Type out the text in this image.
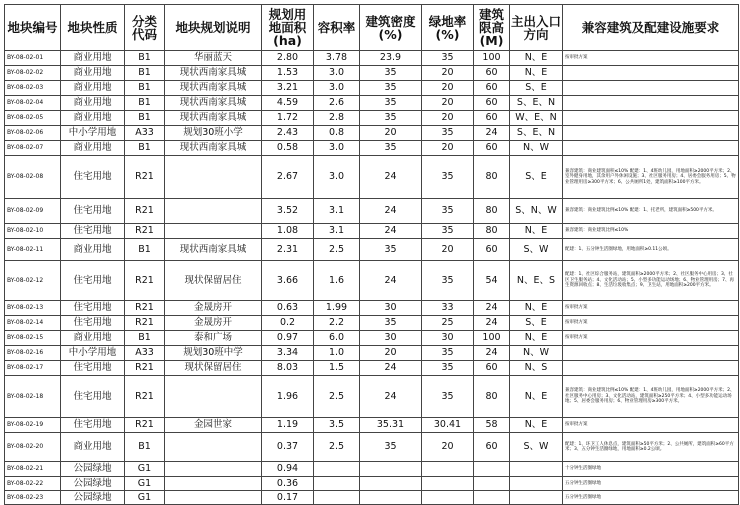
地块编号	地块性质	分类代码	地块规划说明	规划用地面积(ha)	容积率	建筑密度(%)	绿地率(%)	建筑限高(M)	主出入口方向	兼容建筑及配建设施要求
BY-08-02-01	商业用地	B1	华丽蓝天	2.80	3.78	23.9	35	100	N、E	按审批方案
BY-08-02-02	商业用地	B1	现状西南家具城	1.53	3.0	35	20	60	N、E	
BY-08-02-03	商业用地	B1	现状西南家具城	3.21	3.0	35	20	60	S、E	
BY-08-02-04	商业用地	B1	现状西南家具城	4.59	2.6	35	20	60	S、E、N	
BY-08-02-05	商业用地	B1	现状西南家具城	1.72	2.8	35	20	60	W、E、N	
BY-08-02-06	中小学用地	A33	规划30班小学	2.43	0.8	20	35	24	S、E、N	
BY-08-02-07	商业用地	B1	现状西南家具城	0.58	3.0	35	20	60	N、W	
BY-08-02-08	住宅用地	R21		2.67	3.0	24	35	80	S、E	兼容建筑：商业建筑面积≤10% 配建：1、4班幼儿园，用地面积≥2000平方米；2、室外健身用地，其余用户外休闲设施；3、社区服务用房；4、居委会服务用房；5、物业管理用房≥300平方米；6、公共厕所1处，建筑面积≥100平方米。
BY-08-02-09	住宅用地	R21		3.52	3.1	24	35	80	S、N、W	兼容建筑：商业建筑比例≤10% 配建：1、托老所，建筑面积≥500平方米。
BY-08-02-10	住宅用地	R21		1.08	3.1	24	35	80	N、E	兼容建筑：商业建筑比例≤10%
BY-08-02-11	商业用地	B1	现状西南家具城	2.31	2.5	35	20	60	S、W	配建：1、五分钟生活圈绿地，用地面积≥0.11公顷。
BY-08-02-12	住宅用地	R21	现状保留居住	3.66	1.6	24	35	54	N、E、S	配建：1、社区综合服务站，建筑面积≥2000平方米；2、社区服务中心用房；3、社区卫生服务站；4、文化活动站；5、小型多功能运动场地；6、物业管理用房；7、再生资源回收点；8、生活垃圾收集点；9、卫生站，用地面积≥200平方米。
BY-08-02-13	住宅用地	R21	金晟房开	0.63	1.99	30	33	24	N、E	按审批方案
BY-08-02-14	住宅用地	R21	金晟房开	0.2	2.2	35	25	24	S、E	按审批方案
BY-08-02-15	商业用地	B1	泰和广场	0.97	6.0	30	30	100	N、E	按审批方案
BY-08-02-16	中小学用地	A33	规划30班中学	3.34	1.0	20	35	24	N、W	
BY-08-02-17	住宅用地	R21	现状保留居住	8.03	1.5	24	35	60	N、S	
BY-08-02-18	住宅用地	R21		1.96	2.5	24	35	80	N、E	兼容建筑：商业建筑比例≤10% 配建：1、4班幼儿园，用地面积≥2000平方米；2、社区服务中心用房；3、文化活动站，建筑面积≥250平方米；4、小型多功能运动场地；5、居委会服务用房；6、物业管理用房≥300平方米。
BY-08-02-19	住宅用地	R21	金园世家	1.19	3.5	35.31	30.41	58	N、E	按审批方案
BY-08-02-20	商业用地	B1		0.37	2.5	35	20	60	S、W	配建：1、环卫工人休息点，建筑面积≥50平方米；2、公共厕所，建筑面积≥60平方米；3、五分钟生活圈绿地，用地面积≥0.2公顷。
BY-08-02-21	公园绿地	G1		0.94						十分钟生活圈绿地
BY-08-02-22	公园绿地	G1		0.36						五分钟生活圈绿地
BY-08-02-23	公园绿地	G1		0.17						五分钟生活圈绿地
